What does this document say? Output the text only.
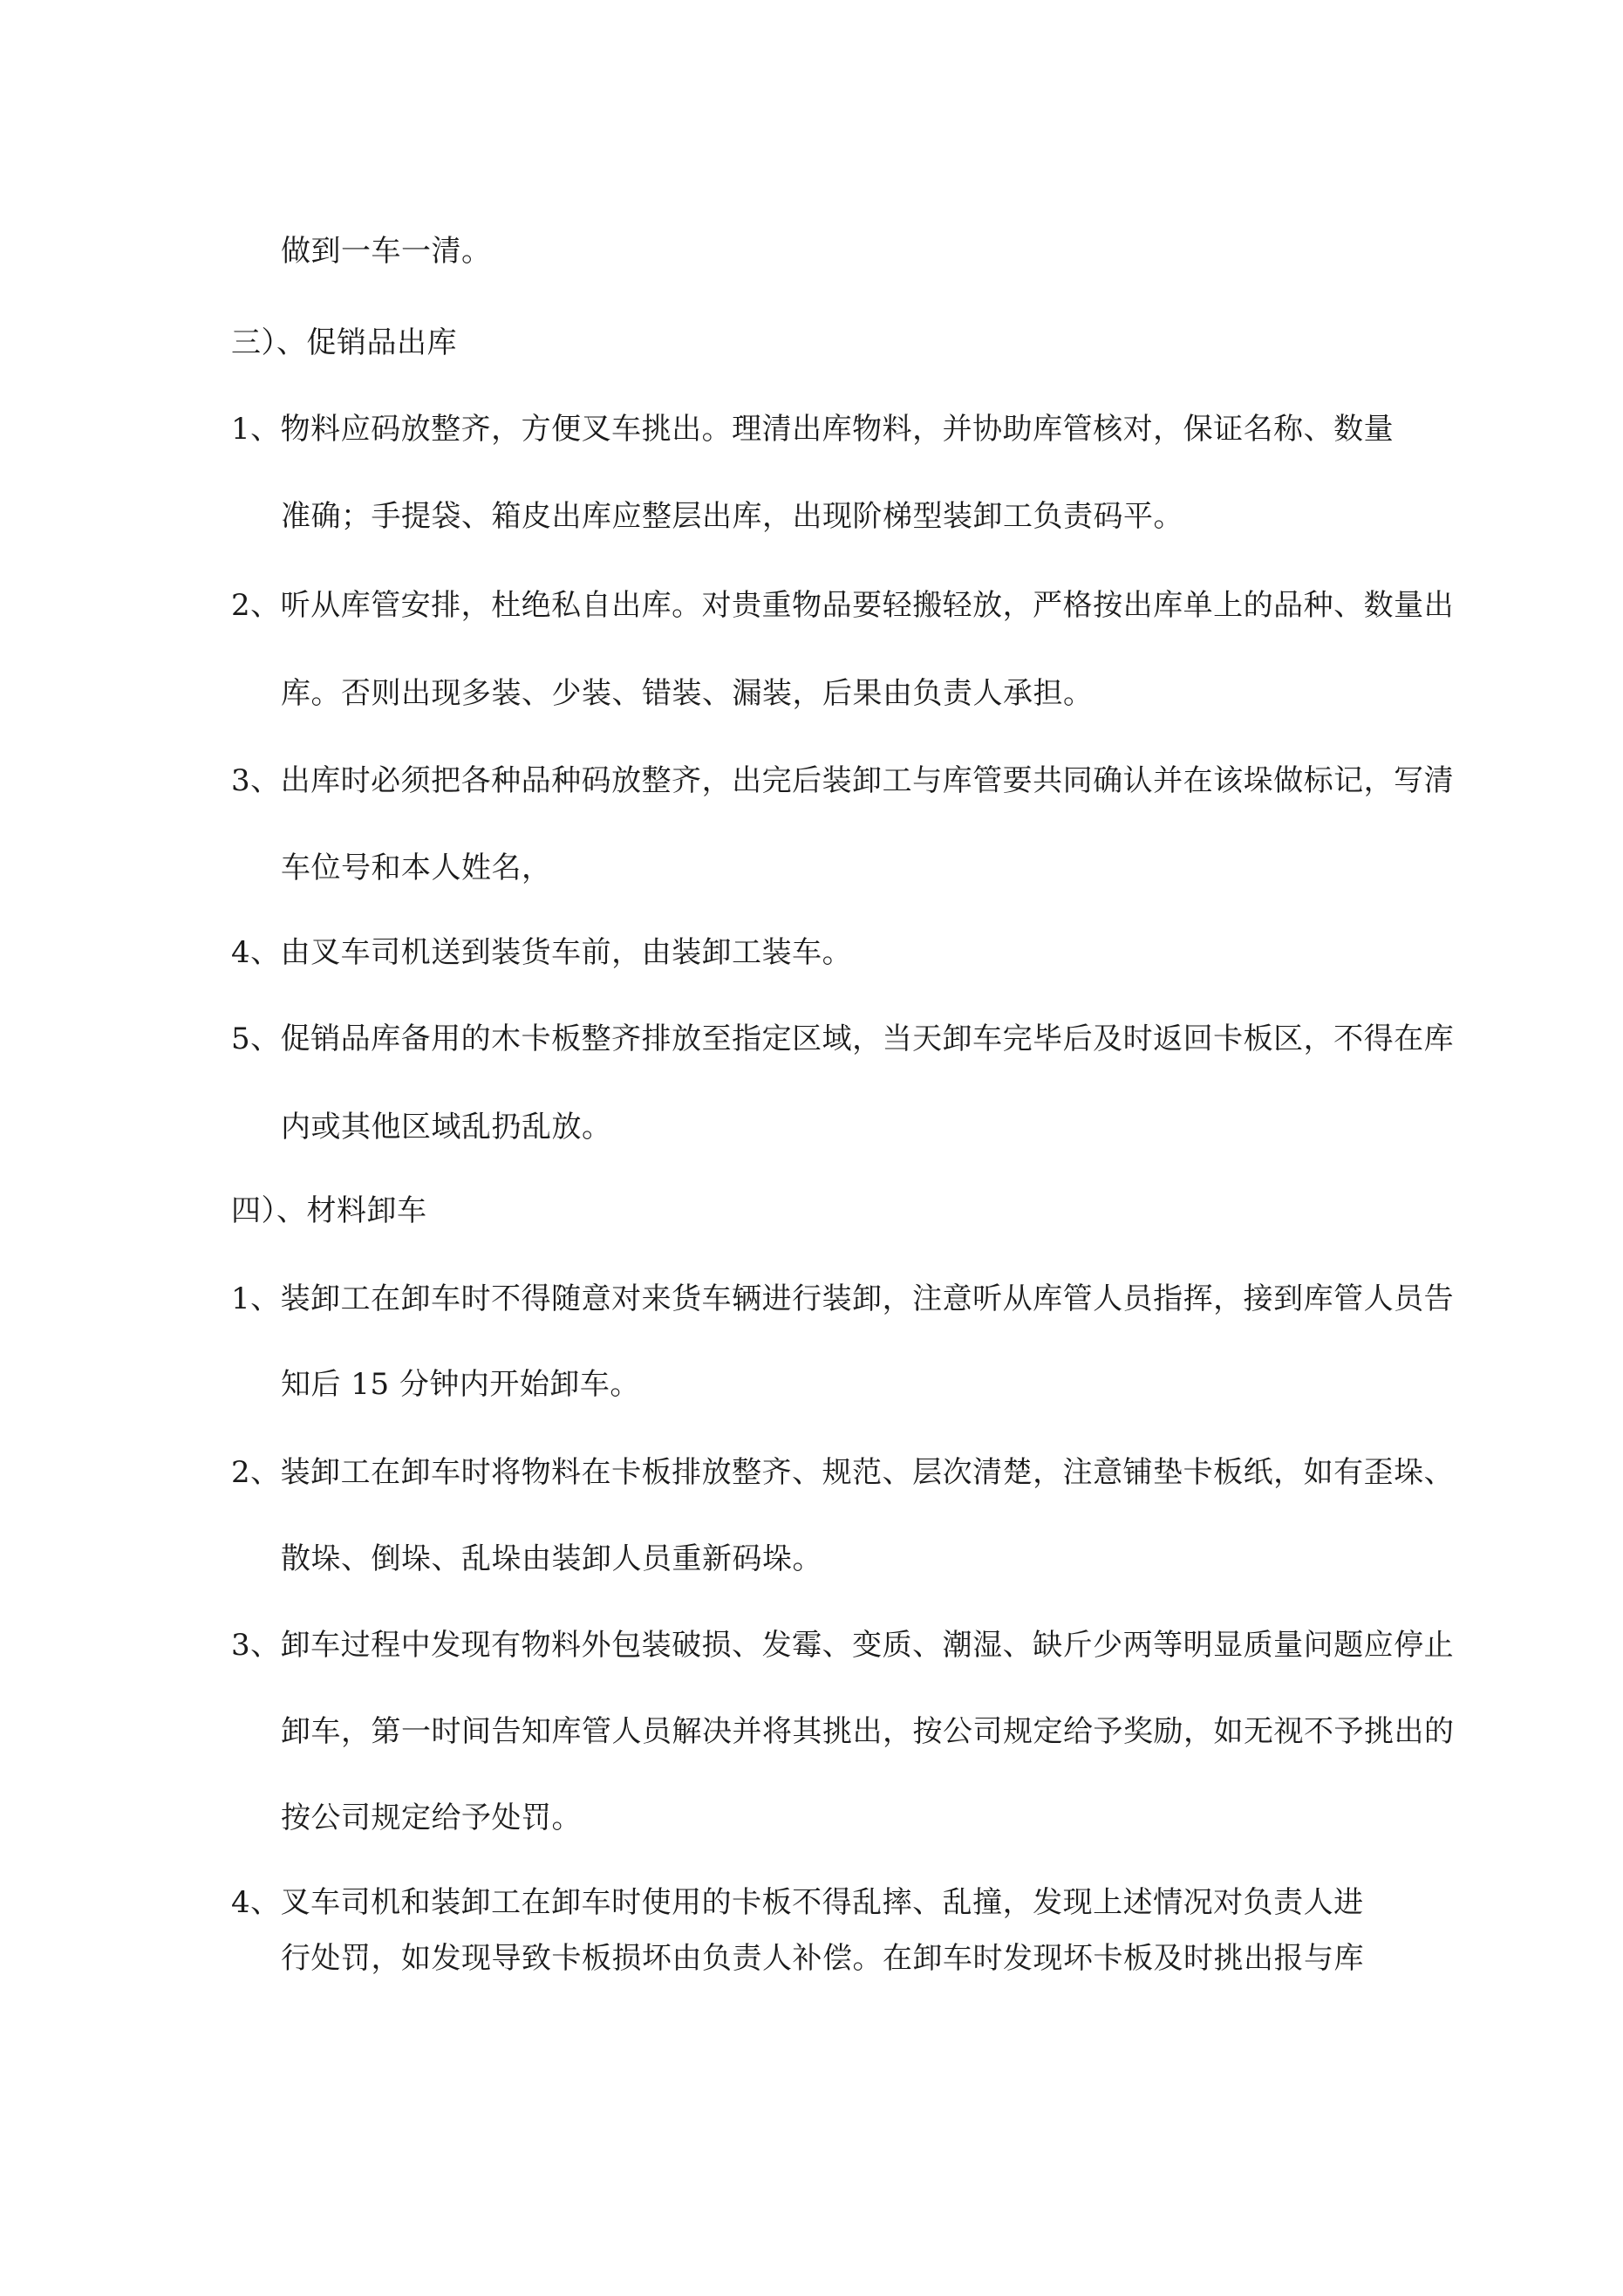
做到一车一清。
三）、促销品出库
1、物料应码放整齐，方便叉车挑出。理清出库物料，并协助库管核对，保证名称、数量
准确；手提袋、箱皮出库应整层出库，出现阶梯型装卸工负责码平。
2、听从库管安排，杜绝私自出库。对贵重物品要轻搬轻放，严格按出库单上的品种、数量出
库。否则出现多装、少装、错装、漏装，后果由负责人承担。
3、出库时必须把各种品种码放整齐，出完后装卸工与库管要共同确认并在该垛做标记，写清
车位号和本人姓名，
4、由叉车司机送到装货车前，由装卸工装车。
5、促销品库备用的木卡板整齐排放至指定区域，当天卸车完毕后及时返回卡板区，不得在库
内或其他区域乱扔乱放。
四）、材料卸车
1、装卸工在卸车时不得随意对来货车辆进行装卸，注意听从库管人员指挥，接到库管人员告
知后 15 分钟内开始卸车。
2、装卸工在卸车时将物料在卡板排放整齐、规范、层次清楚，注意铺垫卡板纸，如有歪垛、
散垛、倒垛、乱垛由装卸人员重新码垛。
3、卸车过程中发现有物料外包装破损、发霉、变质、潮湿、缺斤少两等明显质量问题应停止
卸车，第一时间告知库管人员解决并将其挑出，按公司规定给予奖励，如无视不予挑出的
按公司规定给予处罚。
4、叉车司机和装卸工在卸车时使用的卡板不得乱摔、乱撞，发现上述情况对负责人进
行处罚，如发现导致卡板损坏由负责人补偿。在卸车时发现坏卡板及时挑出报与库
